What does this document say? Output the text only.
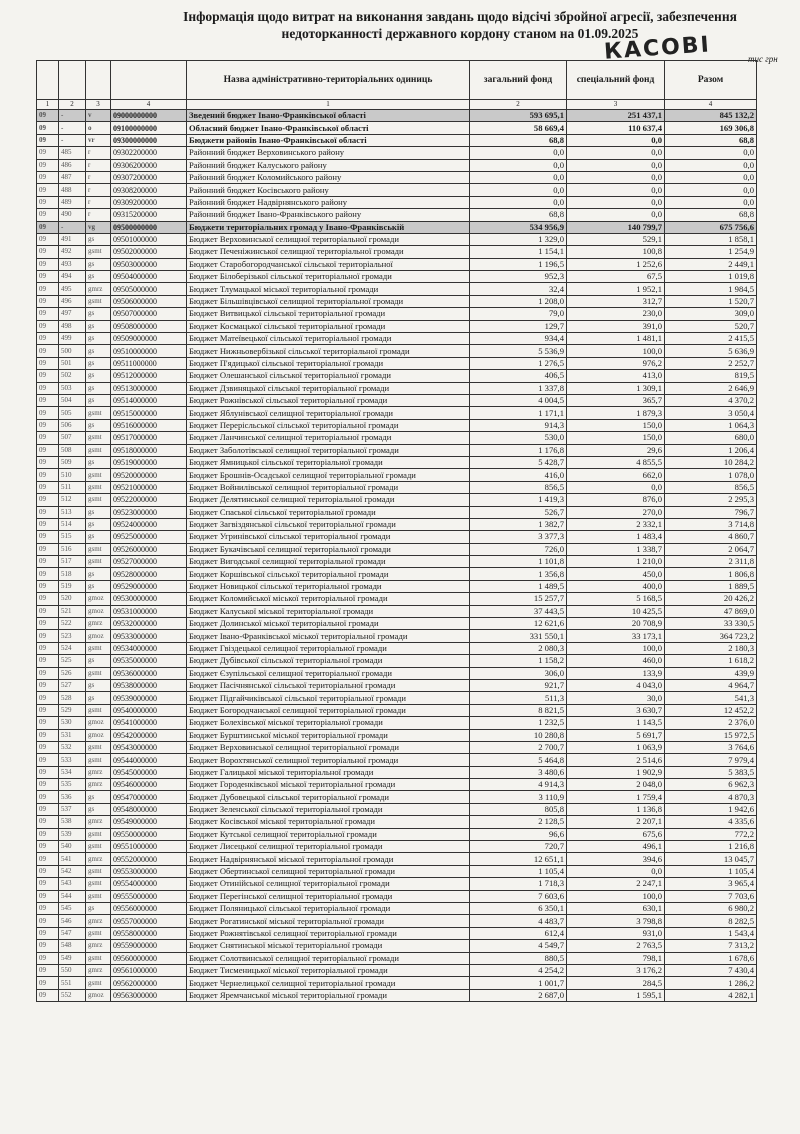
Інформація щодо витрат на виконання завдань щодо відсічі збройної агресії, забезпечення
недоторканності державного кордону станом на 01.09.2025
КАСОВІ	тис грн
				Назва адміністративно-територіальних одиниць	загальний фонд	спеціальний фонд	Разом
1	2	3	4	1	2	3	4
09	-	v	09000000000	Зведений бюджет Івано-Франківської області	593 695,1	251 437,1	845 132,2
09	-	o	09100000000	Обласний бюджет Івано-Франківської області	58 669,4	110 637,4	169 306,8
09	-	vr	09300000000	Бюджети районів Івано-Франківської області	68,8	0,0	68,8
09	485	r	09302200000	Районний бюджет Верховинського району	0,0	0,0	0,0
09	486	r	09306200000	Районний бюджет Калуського району	0,0	0,0	0,0
09	487	r	09307200000	Районний бюджет Коломийського району	0,0	0,0	0,0
09	488	r	09308200000	Районний бюджет Косівського району	0,0	0,0	0,0
09	489	r	09309200000	Районний бюджет Надвірнянського району	0,0	0,0	0,0
09	490	r	09315200000	Районний бюджет Івано-Франківського району	68,8	0,0	68,8
09	-	vg	09500000000	Бюджети територіальних громад у Івано-Франківській	534 956,9	140 799,7	675 756,6
09	491	gs	09501000000	Бюджет Верховинської селищної територіальної громади	1 329,0	529,1	1 858,1
09	492	gsmt	09502000000	Бюджет Печеніжинської селищної територіальної громади	1 154,1	100,8	1 254,9
09	493	gs	09503000000	Бюджет Старобогородчанської сільської територіальної	1 196,5	1 252,6	2 449,1
09	494	gs	09504000000	Бюджет Білоберізької сільської територіальної громади	952,3	67,5	1 019,8
09	495	gmrz	09505000000	Бюджет Тлумацької міської територіальної громади	32,4	1 952,1	1 984,5
09	496	gsmt	09506000000	Бюджет Більшівцівської селищної територіальної громади	1 208,0	312,7	1 520,7
09	497	gs	09507000000	Бюджет Витвицької сільської територіальної громади	79,0	230,0	309,0
09	498	gs	09508000000	Бюджет Космацької сільської територіальної громади	129,7	391,0	520,7
09	499	gs	09509000000	Бюджет Матеївецької сільської територіальної громади	934,4	1 481,1	2 415,5
09	500	gs	09510000000	Бюджет Нижньовербізької сільської територіальної громади	5 536,9	100,0	5 636,9
09	501	gs	09511000000	Бюджет П'ядицької сільської територіальної громади	1 276,5	976,2	2 252,7
09	502	gs	09512000000	Бюджет Олешанської сільської територіальної громади	406,5	413,0	819,5
09	503	gs	09513000000	Бюджет Дзвиняцької сільської територіальної громади	1 337,8	1 309,1	2 646,9
09	504	gs	09514000000	Бюджет Рожнівської сільської територіальної громади	4 004,5	365,7	4 370,2
09	505	gsmt	09515000000	Бюджет Яблунівської селищної територіальної громади	1 171,1	1 879,3	3 050,4
09	506	gs	09516000000	Бюджет Перерісльської сільської територіальної громади	914,3	150,0	1 064,3
09	507	gsmt	09517000000	Бюджет Ланчинської селищної територіальної громади	530,0	150,0	680,0
09	508	gsmt	09518000000	Бюджет Заболотівської селищної територіальної громади	1 176,8	29,6	1 206,4
09	509	gs	09519000000	Бюджет Ямницької сільської територіальної громади	5 428,7	4 855,5	10 284,2
09	510	gsmt	09520000000	Бюджет Брошнів-Осадської селищної територіальної громади	416,0	662,0	1 078,0
09	511	gsmt	09521000000	Бюджет Войнилівської селищної територіальної громади	856,5	0,0	856,5
09	512	gsmt	09522000000	Бюджет Делятинської селищної територіальної громади	1 419,3	876,0	2 295,3
09	513	gs	09523000000	Бюджет Спаської сільської територіальної громади	526,7	270,0	796,7
09	514	gs	09524000000	Бюджет Загвіздянської сільської територіальної громади	1 382,7	2 332,1	3 714,8
09	515	gs	09525000000	Бюджет Угринівської сільської територіальної громади	3 377,3	1 483,4	4 860,7
09	516	gsmt	09526000000	Бюджет Букачівської селищної територіальної громади	726,0	1 338,7	2 064,7
09	517	gsmt	09527000000	Бюджет Вигодської селищної територіальної громади	1 101,8	1 210,0	2 311,8
09	518	gs	09528000000	Бюджет Коршівської сільської територіальної громади	1 356,8	450,0	1 806,8
09	519	gs	09529000000	Бюджет Новицької сільської територіальної громади	1 489,5	400,0	1 889,5
09	520	gmoz	09530000000	Бюджет Коломийської міської територіальної громади	15 257,7	5 168,5	20 426,2
09	521	gmoz	09531000000	Бюджет Калуської міської територіальної громади	37 443,5	10 425,5	47 869,0
09	522	gmrz	09532000000	Бюджет Долинської міської територіальної громади	12 621,6	20 708,9	33 330,5
09	523	gmoz	09533000000	Бюджет Івано-Франківської міської територіальної громади	331 550,1	33 173,1	364 723,2
09	524	gsmt	09534000000	Бюджет Гвіздецької селищної територіальної громади	2 080,3	100,0	2 180,3
09	525	gs	09535000000	Бюджет Дубівської сільської територіальної громади	1 158,2	460,0	1 618,2
09	526	gsmt	09536000000	Бюджет Єзупільської селищної територіальної громади	306,0	133,9	439,9
09	527	gs	09538000000	Бюджет Пасічнянської сільської територіальної громади	921,7	4 043,0	4 964,7
09	528	gs	09539000000	Бюджет Підгайчиківської сільської територіальної громади	511,3	30,0	541,3
09	529	gsmt	09540000000	Бюджет Богородчанської селищної територіальної громади	8 821,5	3 630,7	12 452,2
09	530	gmoz	09541000000	Бюджет Болехівської міської територіальної громади	1 232,5	1 143,5	2 376,0
09	531	gmoz	09542000000	Бюджет Бурштинської міської територіальної громади	10 280,8	5 691,7	15 972,5
09	532	gsmt	09543000000	Бюджет Верховинської селищної територіальної громади	2 700,7	1 063,9	3 764,6
09	533	gsmt	09544000000	Бюджет Ворохтянської селищної територіальної громади	5 464,8	2 514,6	7 979,4
09	534	gmrz	09545000000	Бюджет Галицької міської територіальної громади	3 480,6	1 902,9	5 383,5
09	535	gmrz	09546000000	Бюджет Городенківської міської територіальної громади	4 914,3	2 048,0	6 962,3
09	536	gs	09547000000	Бюджет Дубовецької сільської територіальної громади	3 110,9	1 759,4	4 870,3
09	537	gs	09548000000	Бюджет Зеленської сільської територіальної громади	805,8	1 136,8	1 942,6
09	538	gmrz	09549000000	Бюджет Косівської міської територіальної громади	2 128,5	2 207,1	4 335,6
09	539	gsmt	09550000000	Бюджет Кутської селищної територіальної громади	96,6	675,6	772,2
09	540	gsmt	09551000000	Бюджет Лисецької селищної територіальної громади	720,7	496,1	1 216,8
09	541	gmrz	09552000000	Бюджет Надвірнянської міської територіальної громади	12 651,1	394,6	13 045,7
09	542	gsmt	09553000000	Бюджет Обертинської селищної територіальної громади	1 105,4	0,0	1 105,4
09	543	gsmt	09554000000	Бюджет Отинійської селищної територіальної громади	1 718,3	2 247,1	3 965,4
09	544	gsmt	09555000000	Бюджет Перегінської селищної територіальної громади	7 603,6	100,0	7 703,6
09	545	gs	09556000000	Бюджет Поляницької сільської територіальної громади	6 350,1	630,1	6 980,2
09	546	gmrz	09557000000	Бюджет Рогатинської міської територіальної громади	4 483,7	3 798,8	8 282,5
09	547	gsmt	09558000000	Бюджет Рожнятівської селищної територіальної громади	612,4	931,0	1 543,4
09	548	gmrz	09559000000	Бюджет Снятинської міської територіальної громади	4 549,7	2 763,5	7 313,2
09	549	gsmt	09560000000	Бюджет Солотвинської селищної територіальної громади	880,5	798,1	1 678,6
09	550	gmrz	09561000000	Бюджет Тисменицької міської територіальної громади	4 254,2	3 176,2	7 430,4
09	551	gsmt	09562000000	Бюджет Чернелицької селищної територіальної громади	1 001,7	284,5	1 286,2
09	552	gmoz	09563000000	Бюджет Яремчанської міської територіальної громади	2 687,0	1 595,1	4 282,1
